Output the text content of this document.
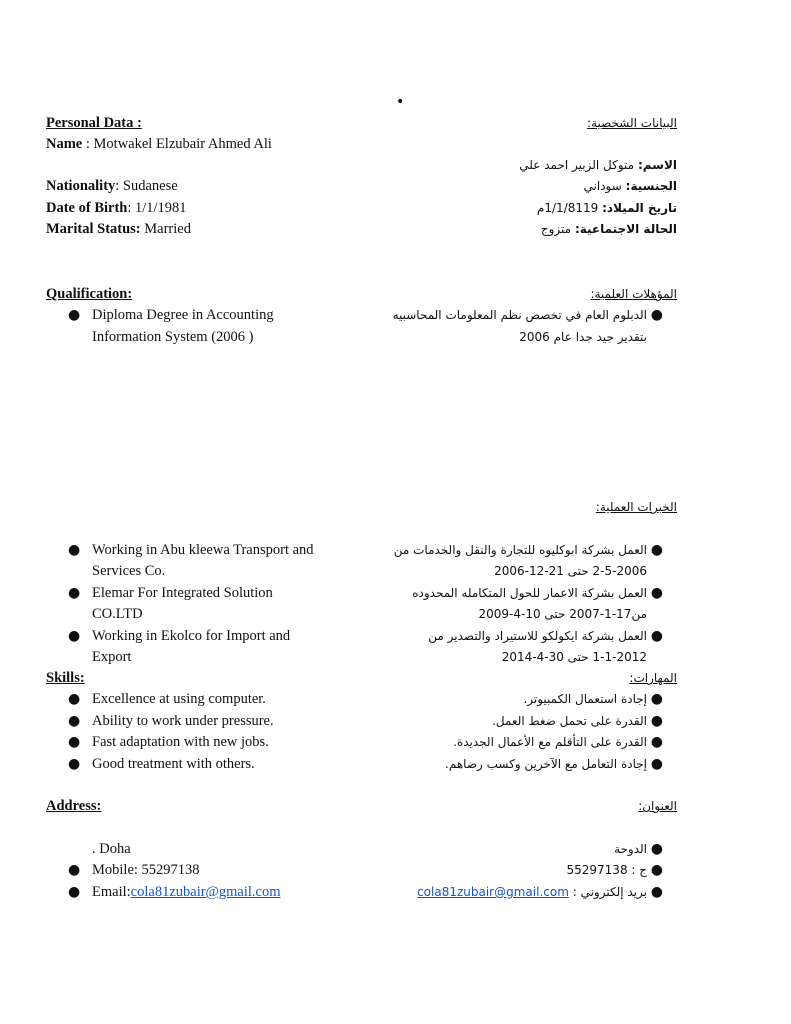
•
Personal Data :	البيانات الشخصية:
Name : Motwakel Elzubair Ahmed Ali
الاسم: متوكل الزبير احمد علي
Nationality: Sudanese	الجنسية: سوداني
Date of Birth: 1/1/1981	تاريخ الميلاد: 1/1/8119م
Marital Status: Married	الحالة الاجتماعية: متزوج
Qualification:	المؤهلات العلمية:
● Diploma Degree in Accounting
Information System (2006 )
●
الدبلوم العام في تخصص نظم المعلومات المحاسبيه
بتقدير جيد جدا عام 2006
الخبرات العملية:
● Working in Abu kleewa Transport and
Services Co.
● Elemar For Integrated Solution
CO.LTD
● Working in Ekolco for Import and
Export
●
العمل بشركة ابوكليوه للتجارة والنقل والخدمات من
2-5-2006 حتى 21-12-2006
●
العمل بشركة الاعمار للحول المتكامله المحدوده
من17-1-2007 حتى 10-4-2009
●
العمل بشركة ايكولكو للاستيراد والتصدير من
1-1-2012 حتى 30-4-2014
Skills:	المهارات:
● Excellence at using computer.
● Ability to work under pressure.
● Fast adaptation with new jobs.
● Good treatment with others.
●
إجادة استعمال الكمبيوتر.
●
القدرة على تحمل ضغط العمل.
●
القدرة على التأقلم مع الأعمال الجديدة.
●
إجادة التعامل مع الآخرين وكسب رضاهم.
Address:	العنوان:
. Doha
● Mobile: 55297138
● Email:cola81zubair@gmail.com
●
الدوحة
●
ج : 55297138
●
بريد إلكتروني : cola81zubair@gmail.com
